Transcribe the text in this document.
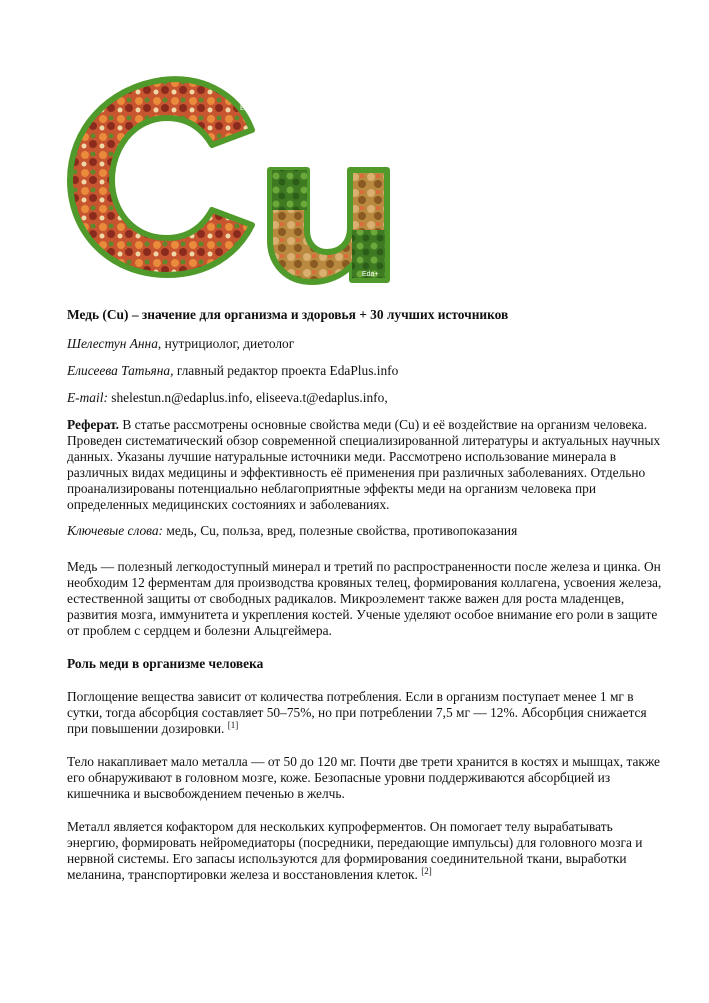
Eda+
Eda+
Медь (Cu) – значение для организма и здоровья + 30 лучших источников

Шелестун Анна, нутрициолог, диетолог

Елисеева Татьяна, главный редактор проекта EdaPlus.info

E-mail: shelestun.n@edaplus.info, eliseeva.t@edaplus.info,

Реферат. В статье рассмотрены основные свойства меди (Cu) и её воздействие на организм человека. Проведен систематический обзор современной специализированной литературы и актуальных научных данных. Указаны лучшие натуральные источники меди. Рассмотрено использование минерала в различных видах медицины и эффективность её применения при различных заболеваниях. Отдельно проанализированы потенциально неблагоприятные эффекты меди на организм человека при определенных медицинских состояниях и заболеваниях.

Ключевые слова: медь, Cu, польза, вред, полезные свойства, противопоказания

Медь — полезный легкодоступный минерал и третий по распространенности после железа и цинка. Он необходим 12 ферментам для производства кровяных телец, формирования коллагена, усвоения железа, естественной защиты от свободных радикалов. Микроэлемент также важен для роста младенцев, развития мозга, иммунитета и укрепления костей. Ученые уделяют особое внимание его роли в защите от проблем с сердцем и болезни Альцгеймера.

Роль меди в организме человека

Поглощение вещества зависит от количества потребления. Если в организм поступает менее 1 мг в сутки, тогда абсорбция составляет 50–75%, но при потреблении 7,5 мг — 12%. Абсорбция снижается при повышении дозировки. [1]

Тело накапливает мало металла — от 50 до 120 мг. Почти две трети хранится в костях и мышцах, также его обнаруживают в головном мозге, коже. Безопасные уровни поддерживаются абсорбцией из кишечника и высвобождением печенью в желчь.

Металл является кофактором для нескольких купроферментов. Он помогает телу вырабатывать энергию, формировать нейромедиаторы (посредники, передающие импульсы) для головного мозга и нервной системы. Его запасы используются для формирования соединительной ткани, выработки меланина, транспортировки железа и восстановления клеток. [2]
